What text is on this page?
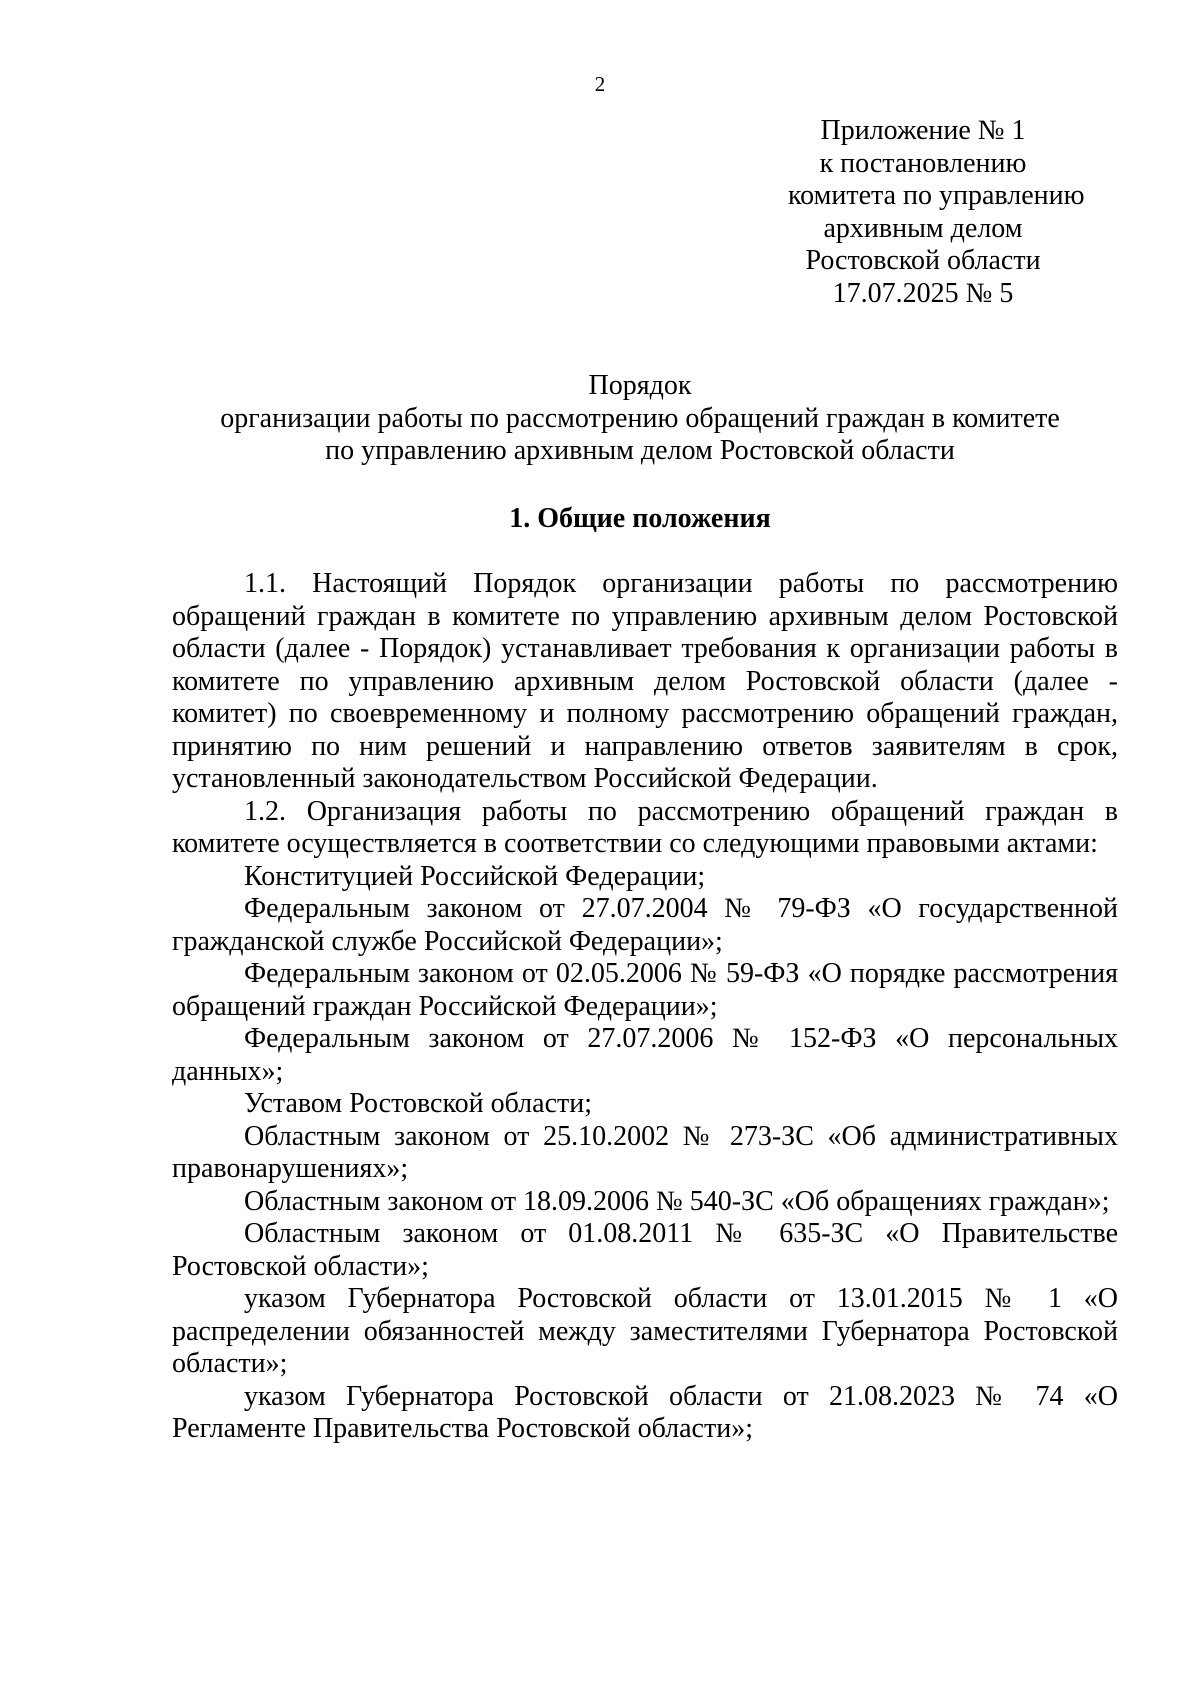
2
Приложение № 1
к постановлению
комитета по управлению
архивным делом
Ростовской области
17.07.2025 № 5
Порядок
организации работы по рассмотрению обращений граждан в комитете
по управлению архивным делом Ростовской области
1. Общие положения

1.1. Настоящий Порядок организации работы по рассмотрению обращений граждан в комитете по управлению архивным делом Ростовской области (далее - Порядок) устанавливает требования к организации работы в комитете по управлению архивным делом Ростовской области (далее - комитет) по своевременному и полному рассмотрению обращений граждан, принятию по ним решений и направлению ответов заявителям в срок, установленный законодательством Российской Федерации.

1.2. Организация работы по рассмотрению обращений граждан в комитете осуществляется в соответствии со следующими правовыми актами:

Конституцией Российской Федерации;

Федеральным законом от 27.07.2004 № 79-ФЗ «О государственной гражданской службе Российской Федерации»;

Федеральным законом от 02.05.2006 № 59-ФЗ «О порядке рассмотрения обращений граждан Российской Федерации»;

Федеральным законом от 27.07.2006 № 152-ФЗ «О персональных данных»;

Уставом Ростовской области;

Областным законом от 25.10.2002 № 273-ЗС «Об административных правонарушениях»;

Областным законом от 18.09.2006 № 540-ЗС «Об обращениях граждан»;

Областным законом от 01.08.2011 № 635-ЗС «О Правительстве Ростовской области»;

указом Губернатора Ростовской области от 13.01.2015 № 1 «О распределении обязанностей между заместителями Губернатора Ростовской области»;

указом Губернатора Ростовской области от 21.08.2023 № 74 «О Регламенте Правительства Ростовской области»;
